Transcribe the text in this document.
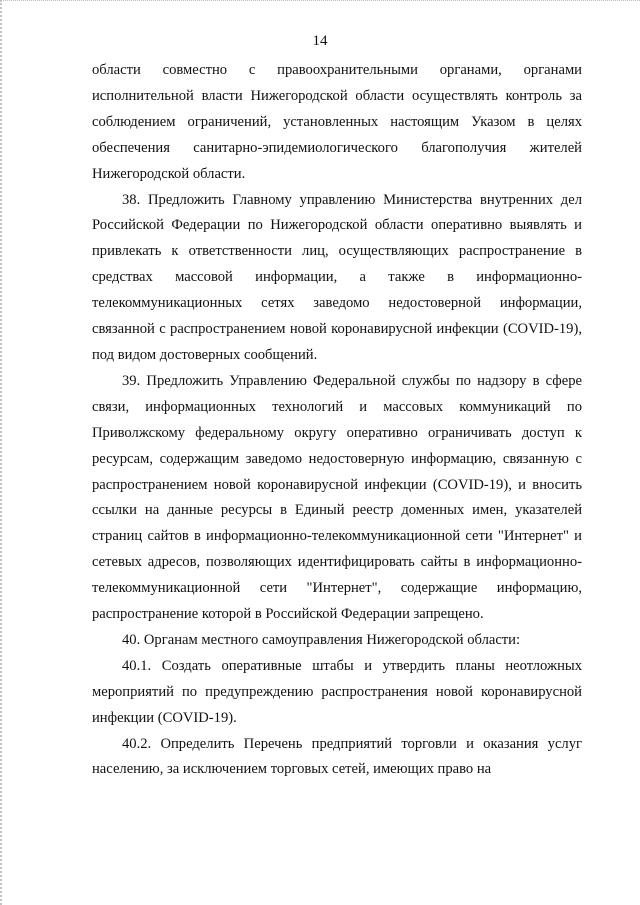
14

области совместно с правоохранительными органами, органами исполнительной власти Нижегородской области осуществлять контроль за соблюдением ограничений, установленных настоящим Указом в целях обеспечения санитарно-эпидемиологического благополучия жителей Нижегородской области.

38. Предложить Главному управлению Министерства внутренних дел Российской Федерации по Нижегородской области оперативно выявлять и привлекать к ответственности лиц, осуществляющих распространение в средствах массовой информации, а также в информационно-телекоммуникационных сетях заведомо недостоверной информации, связанной с распространением новой коронавирусной инфекции (COVID-19), под видом достоверных сообщений.

39. Предложить Управлению Федеральной службы по надзору в сфере связи, информационных технологий и массовых коммуникаций по Приволжскому федеральному округу оперативно ограничивать доступ к ресурсам, содержащим заведомо недостоверную информацию, связанную с распространением новой коронавирусной инфекции (COVID-19), и вносить ссылки на данные ресурсы в Единый реестр доменных имен, указателей страниц сайтов в информационно-телекоммуникационной сети "Интернет" и сетевых адресов, позволяющих идентифицировать сайты в информационно-телекоммуникационной сети "Интернет", содержащие информацию, распространение которой в Российской Федерации запрещено.

40. Органам местного самоуправления Нижегородской области:

40.1. Создать оперативные штабы и утвердить планы неотложных мероприятий по предупреждению распространения новой коронавирусной инфекции (COVID-19).

40.2. Определить Перечень предприятий торговли и оказания услуг населению, за исключением торговых сетей, имеющих право на
